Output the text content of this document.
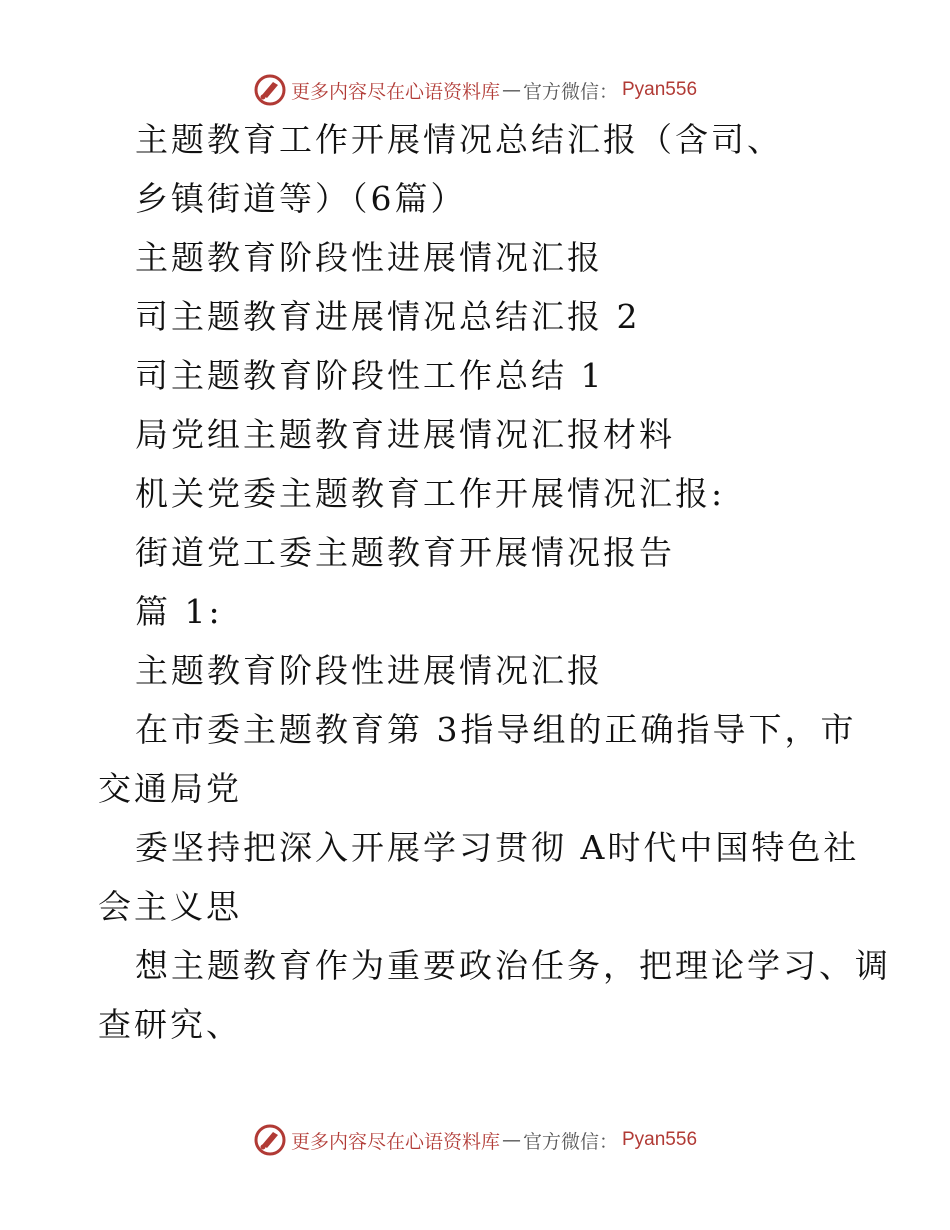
更多内容尽在心语资料库 — 官方微信： Pyan556
主题教育工作开展情况总结汇报（含司、
乡镇街道等）（6篇）
主题教育阶段性进展情况汇报
司主题教育进展情况总结汇报 2
司主题教育阶段性工作总结 1
局党组主题教育进展情况汇报材料
机关党委主题教育工作开展情况汇报:
街道党工委主题教育开展情况报告
篇 1:
主题教育阶段性进展情况汇报
在市委主题教育第 3指导组的正确指导下，市
交通局党
委坚持把深入开展学习贯彻 A时代中国特色社
会主义思
想主题教育作为重要政治任务，把理论学习、调
查研究、
更多内容尽在心语资料库 — 官方微信： Pyan556
